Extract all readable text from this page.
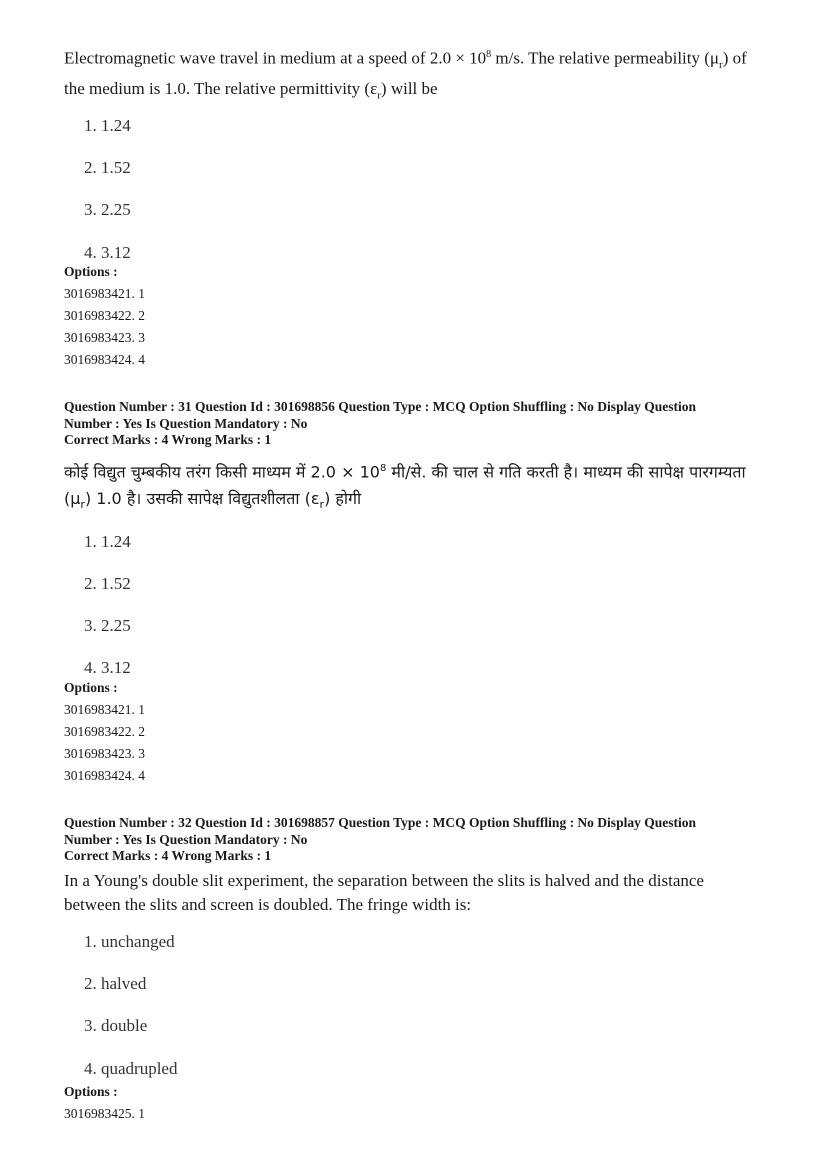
Electromagnetic wave travel in medium at a speed of $2.0 \times 10^8$ m/s. The relative permeability $(\mu_r)$ of the medium is 1.0. The relative permittivity $(\varepsilon_r)$ will be

1. 1.24
2. 1.52
3. 2.25
4. 3.12
Options :
3016983421. 1
3016983422. 2
3016983423. 3
3016983424. 4
Question Number : 31 Question Id : 301698856 Question Type : MCQ Option Shuffling : No Display Question
Number : Yes Is Question Mandatory : No
Correct Marks : 4 Wrong Marks : 1

कोई विद्युत चुम्बकीय तरंग किसी माध्यम में $2.0 \times 10^8$ मी/से. की चाल से गति करती है। माध्यम की सापेक्ष पारगम्यता $(\mu_r)$ 1.0 है। उसकी सापेक्ष विद्युतशीलता $(\varepsilon_r)$ होगी

1. 1.24
2. 1.52
3. 2.25
4. 3.12
Options :
3016983421. 1
3016983422. 2
3016983423. 3
3016983424. 4
Question Number : 32 Question Id : 301698857 Question Type : MCQ Option Shuffling : No Display Question
Number : Yes Is Question Mandatory : No
Correct Marks : 4 Wrong Marks : 1

In a Young's double slit experiment, the separation between the slits is halved and the distance between the slits and screen is doubled. The fringe width is:

1. unchanged
2. halved
3. double
4. quadrupled
Options :
3016983425. 1
